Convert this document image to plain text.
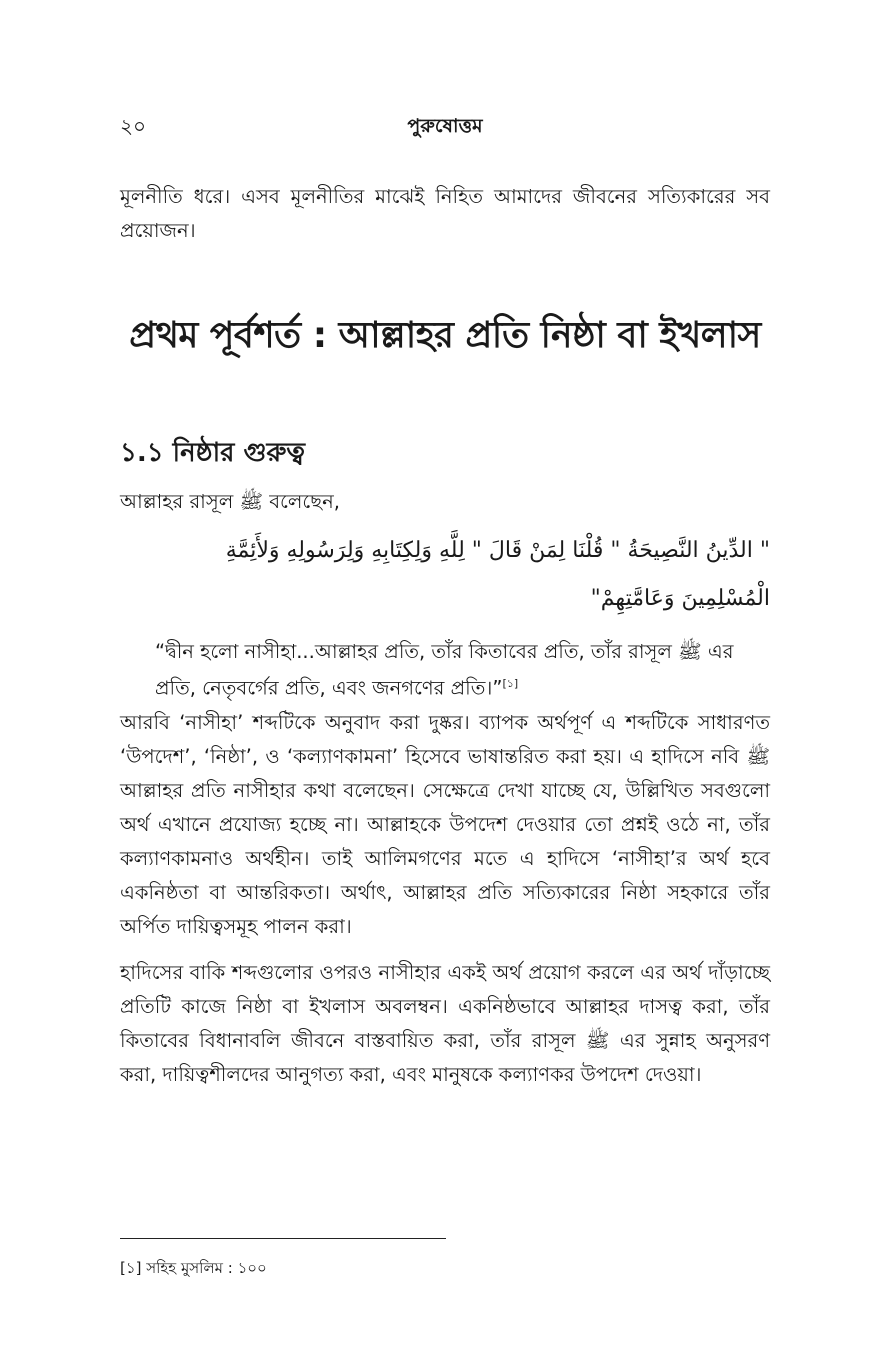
২০	পুরুষোত্তম

মূলনীতি ধরে। এসব মূলনীতির মাঝেই নিহিত আমাদের জীবনের সত্যিকারের সব প্রয়োজন।

প্রথম পূর্বশর্ত : আল্লাহর প্রতি নিষ্ঠা বা ইখলাস
১.১ নিষ্ঠার গুরুত্ব
আল্লাহর রাসূল ﷺ বলেছেন,
" الدِّينُ النَّصِيحَةُ " قُلْنَا لِمَنْ قَالَ " لِلَّهِ وَلِكِتَابِهِ وَلِرَسُولِهِ وَلأَئِمَّةِ
الْمُسْلِمِينَ وَعَامَّتِهِمْ"
“দ্বীন হলো নাসীহা...আল্লাহর প্রতি, তাঁর কিতাবের প্রতি, তাঁর রাসূল ﷺ এর প্রতি, নেতৃবর্গের প্রতি, এবং জনগণের প্রতি।”[১]

আরবি ‘নাসীহা’ শব্দটিকে অনুবাদ করা দুষ্কর। ব্যাপক অর্থপূর্ণ এ শব্দটিকে সাধারণত ‘উপদেশ’, ‘নিষ্ঠা’, ও ‘কল্যাণকামনা’ হিসেবে ভাষান্তরিত করা হয়। এ হাদিসে নবি ﷺ আল্লাহর প্রতি নাসীহার কথা বলেছেন। সেক্ষেত্রে দেখা যাচ্ছে যে, উল্লিখিত সবগুলো অর্থ এখানে প্রযোজ্য হচ্ছে না। আল্লাহকে উপদেশ দেওয়ার তো প্রশ্নই ওঠে না, তাঁর কল্যাণকামনাও অর্থহীন। তাই আলিমগণের মতে এ হাদিসে ‘নাসীহা’র অর্থ হবে একনিষ্ঠতা বা আন্তরিকতা। অর্থাৎ, আল্লাহর প্রতি সত্যিকারের নিষ্ঠা সহকারে তাঁর অর্পিত দায়িত্বসমূহ পালন করা।

হাদিসের বাকি শব্দগুলোর ওপরও নাসীহার একই অর্থ প্রয়োগ করলে এর অর্থ দাঁড়াচ্ছে প্রতিটি কাজে নিষ্ঠা বা ইখলাস অবলম্বন। একনিষ্ঠভাবে আল্লাহর দাসত্ব করা, তাঁর কিতাবের বিধানাবলি জীবনে বাস্তবায়িত করা, তাঁর রাসূল ﷺ এর সুন্নাহ অনুসরণ করা, দায়িত্বশীলদের আনুগত্য করা, এবং মানুষকে কল্যাণকর উপদেশ দেওয়া।

[১] সহিহ মুসলিম : ১০০
